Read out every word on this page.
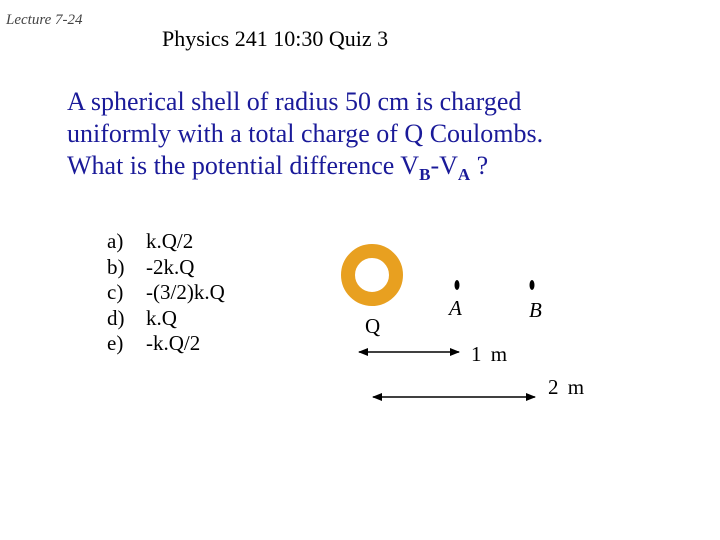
Lecture 7-24
Physics 241 10:30 Quiz 3
A spherical shell of radius 50 cm is charged
uniformly with a total charge of Q Coulombs.
What is the potential difference $V_B-V_A$ ?
a)	k.Q/2
b)	-2k.Q
c)	-(3/2)k.Q
d)	k.Q
e)	-k.Q/2
Q
A	B
1 m
2 m
